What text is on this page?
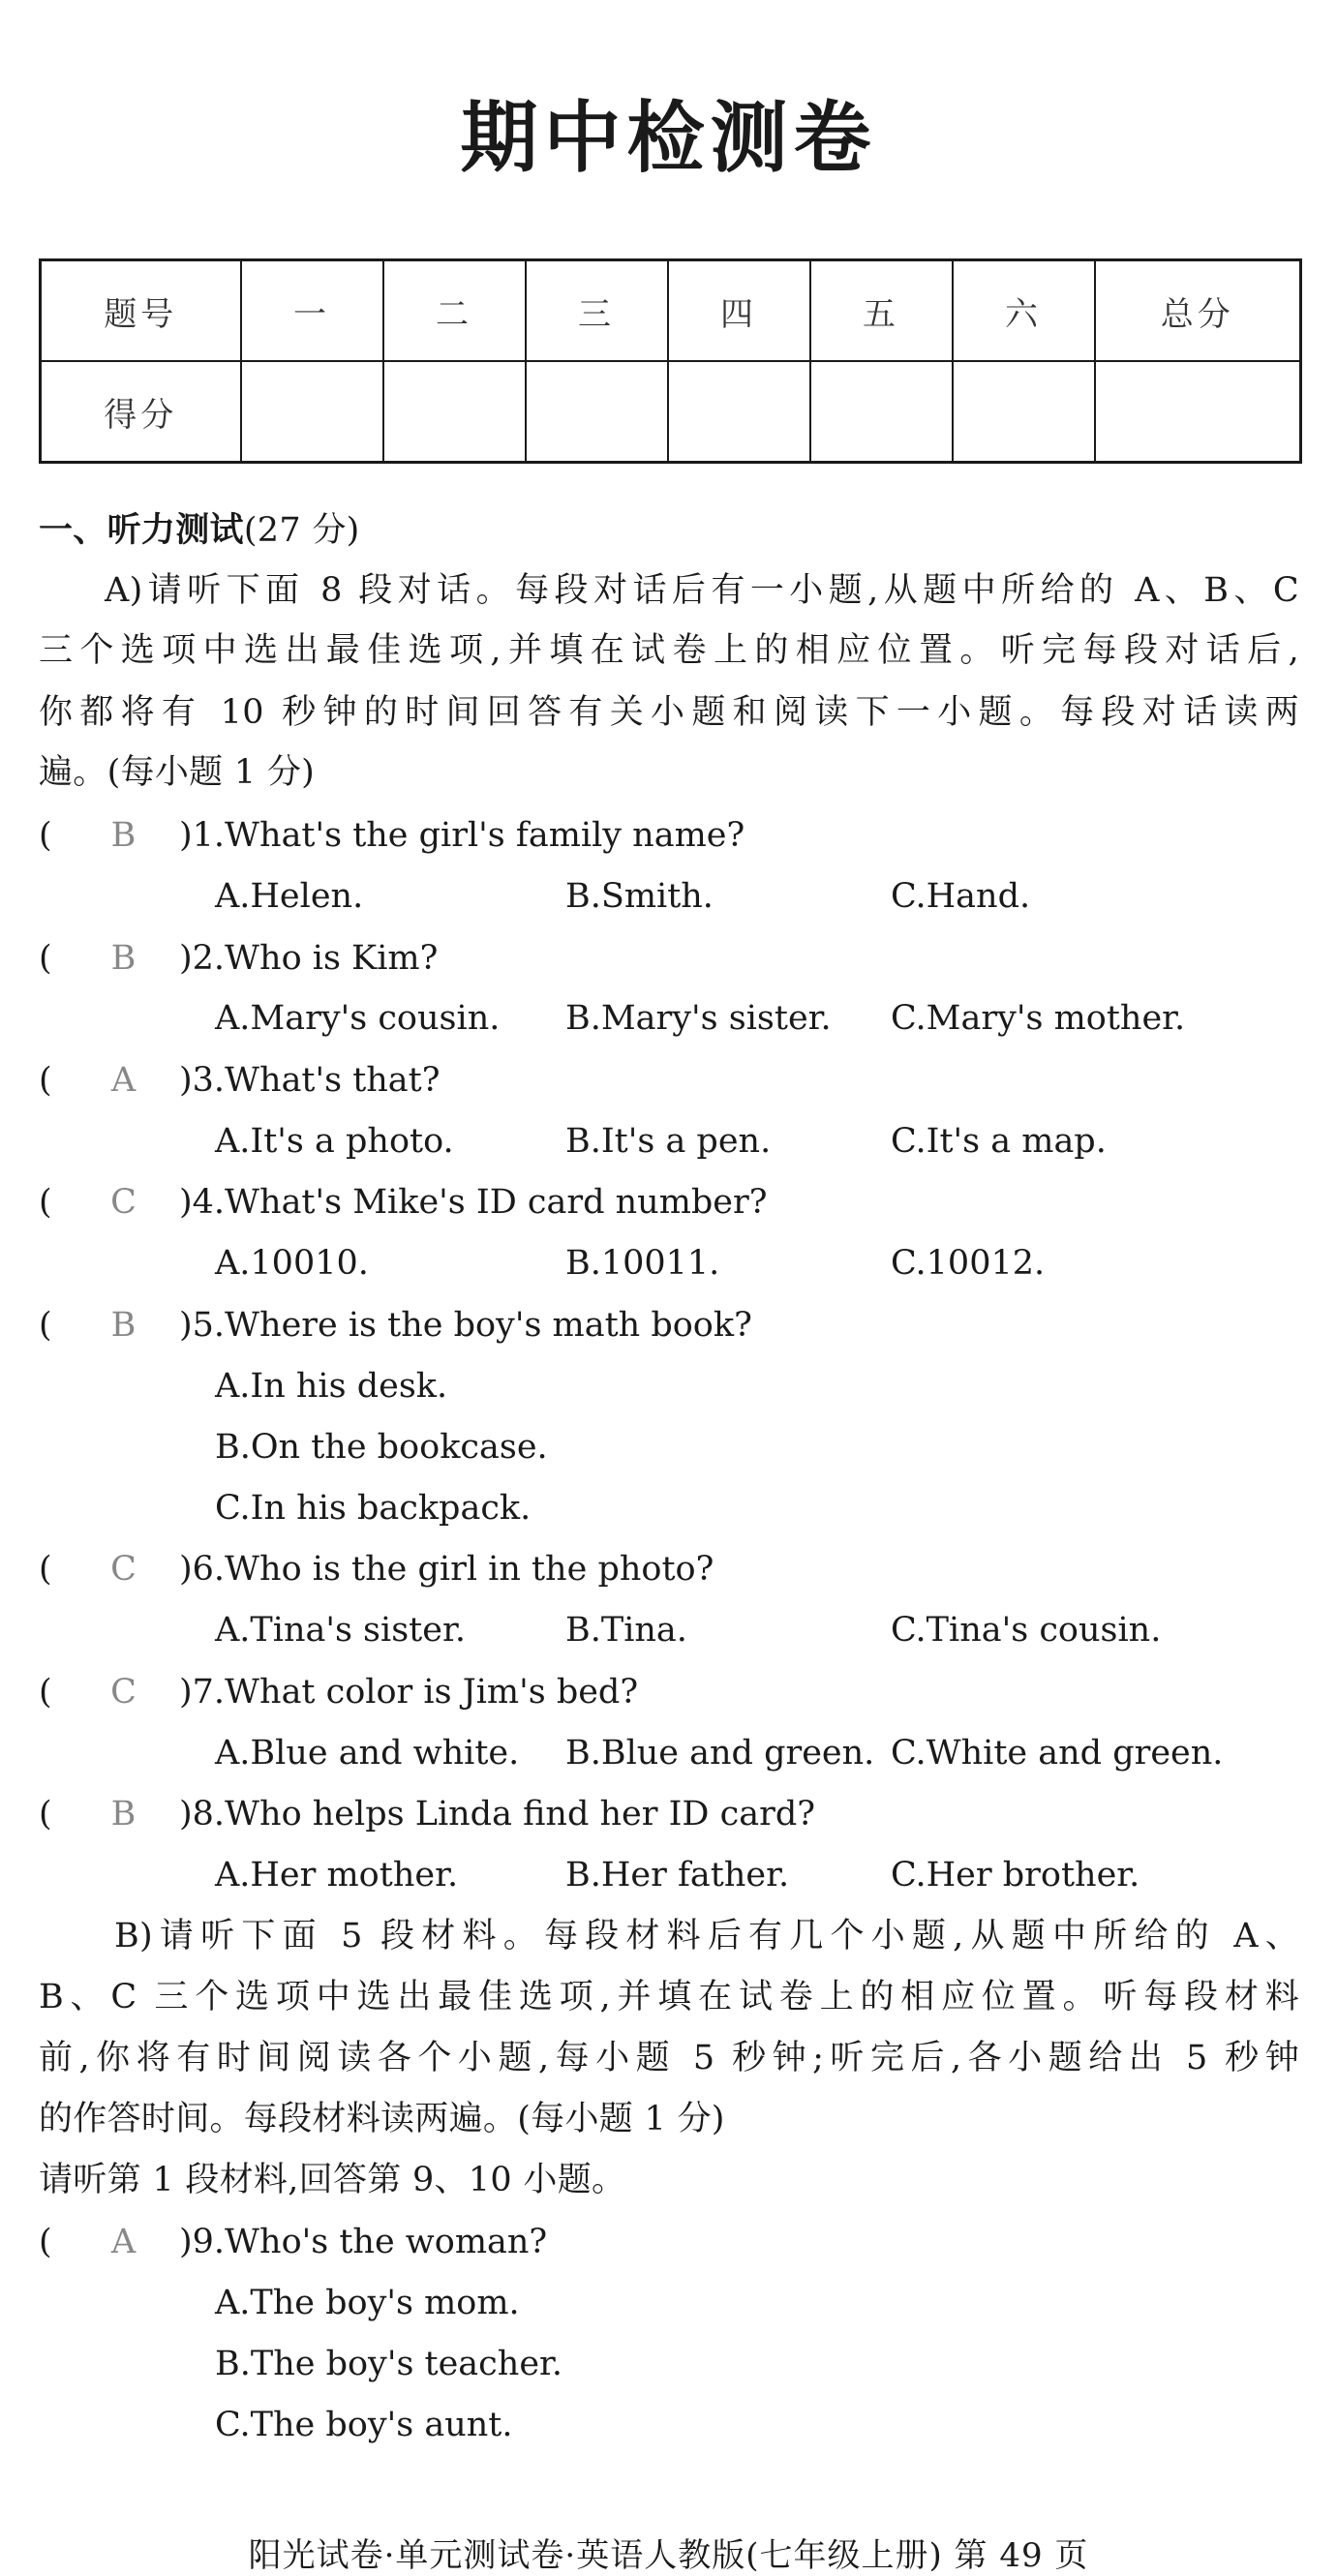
期中检测卷
题号	一	二	三	四	五	六	总分
得分							
一、听力测试(27 分)
A)请听下面 8 段对话。每段对话后有一小题,从题中所给的 A、B、C
三个选项中选出最佳选项,并填在试卷上的相应位置。听完每段对话后,
你都将有 10 秒钟的时间回答有关小题和阅读下一小题。每段对话读两
遍。(每小题 1 分)
( B )1.What's the girl's family name?
A.Helen.	B.Smith.	C.Hand.
( B )2.Who is Kim?
A.Mary's cousin. B.Mary's sister. C.Mary's mother.
( A )3.What's that?
A.It's a photo.	B.It's a pen.	C.It's a map.
( C )4.What's Mike's ID card number?
A.10010.	B.10011.	C.10012.
( B )5.Where is the boy's math book?
A.In his desk.
B.On the bookcase.
C.In his backpack.
( C )6.Who is the girl in the photo?
A.Tina's sister.	B.Tina.	C.Tina's cousin.
( C )7.What color is Jim's bed?
A.Blue and white. B.Blue and green. C.White and green.
( B )8.Who helps Linda find her ID card?
A.Her mother.	B.Her father.	C.Her brother.
B)请听下面 5 段材料。每段材料后有几个小题,从题中所给的 A、
B、C 三个选项中选出最佳选项,并填在试卷上的相应位置。听每段材料
前,你将有时间阅读各个小题,每小题 5 秒钟;听完后,各小题给出 5 秒钟
的作答时间。每段材料读两遍。(每小题 1 分)
请听第 1 段材料,回答第 9、10 小题。
( A )9.Who's the woman?
A.The boy's mom.
B.The boy's teacher.
C.The boy's aunt.
阳光试卷·单元测试卷·英语人教版(七年级上册) 第 49 页
